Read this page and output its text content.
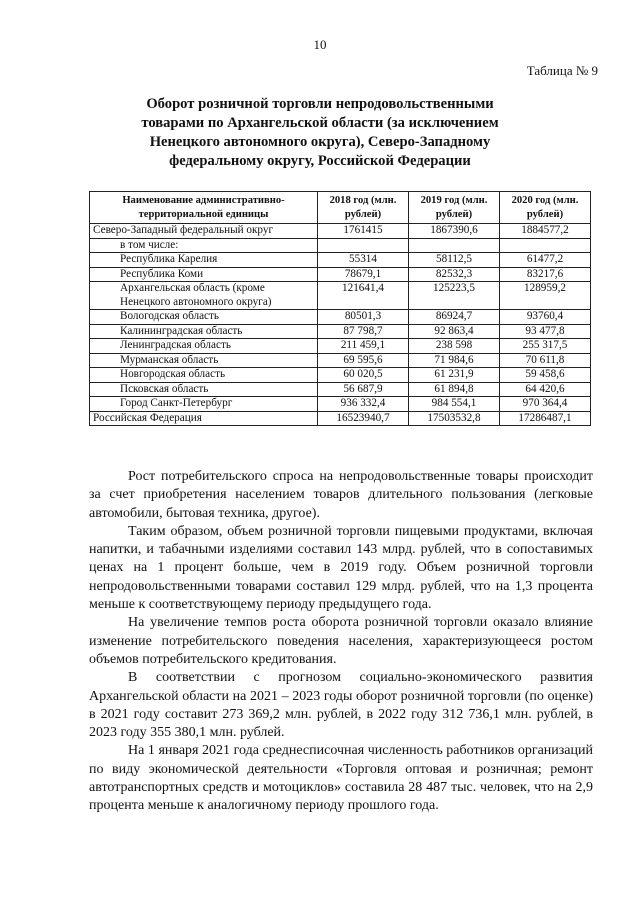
10
Таблица № 9
Оборот розничной торговли непродовольственными
товарами по Архангельской области (за исключением
Ненецкого автономного округа), Северо-Западному
федеральному округу, Российской Федерации
Наименование административно-территориальной единицы	2018 год (млн. рублей)	2019 год (млн. рублей)	2020 год (млн. рублей)
Северо-Западный федеральный округ	1761415	1867390,6	1884577,2
в том числе:			
Республика Карелия	55314	58112,5	61477,2
Республика Коми	78679,1	82532,3	83217,6
Архангельская область (кроме Ненецкого автономного округа)	121641,4	125223,5	128959,2
Вологодская область	80501,3	86924,7	93760,4
Калининградская область	87 798,7	92 863,4	93 477,8
Ленинградская область	211 459,1	238 598	255 317,5
Мурманская область	69 595,6	71 984,6	70 611,8
Новгородская область	60 020,5	61 231,9	59 458,6
Псковская область	56 687,9	61 894,8	64 420,6
Город Санкт-Петербург	936 332,4	984 554,1	970 364,4
Российская Федерация	16523940,7	17503532,8	17286487,1

Рост потребительского спроса на непродовольственные товары происходит за счет приобретения населением товаров длительного пользования (легковые автомобили, бытовая техника, другое).

Таким образом, объем розничной торговли пищевыми продуктами, включая напитки, и табачными изделиями составил 143 млрд. рублей, что в сопоставимых ценах на 1 процент больше, чем в 2019 году. Объем розничной торговли непродовольственными товарами составил 129 млрд. рублей, что на 1,3 процента меньше к соответствующему периоду предыдущего года.

На увеличение темпов роста оборота розничной торговли оказало влияние изменение потребительского поведения населения, характеризующееся ростом объемов потребительского кредитования.

В соответствии с прогнозом социально-экономического развития Архангельской области на 2021 – 2023 годы оборот розничной торговли (по оценке) в 2021 году составит 273 369,2 млн. рублей, в 2022 году 312 736,1 млн. рублей, в 2023 году 355 380,1 млн. рублей.

На 1 января 2021 года среднесписочная численность работников организаций по виду экономической деятельности «Торговля оптовая и розничная; ремонт автотранспортных средств и мотоциклов» составила 28 487 тыс. человек, что на 2,9 процента меньше к аналогичному периоду прошлого года.
